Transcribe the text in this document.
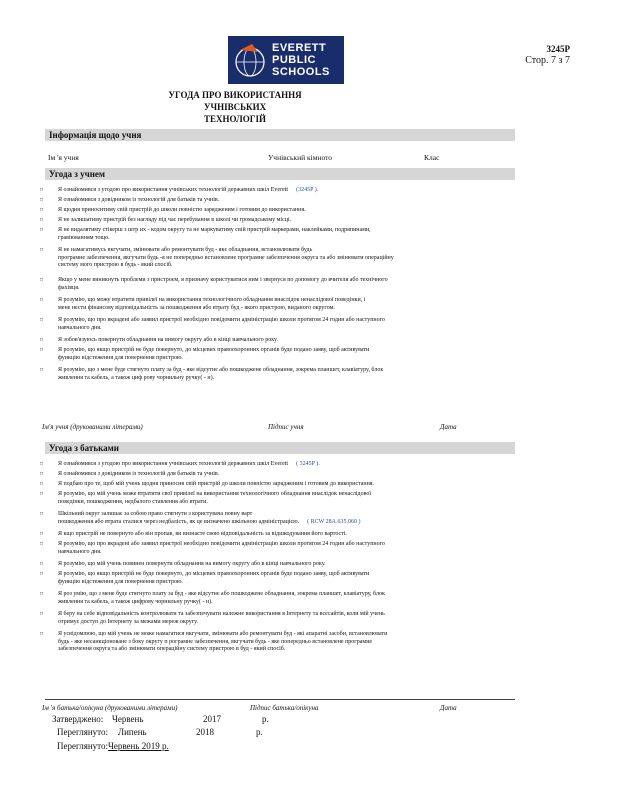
EVERETT
PUBLIC
SCHOOLS
3245P
Стор. 7 з 7
УГОДА ПРО ВИКОРИСТАННЯ УЧНІВСЬКИХ
ТЕХНОЛОГІЙ
Інформація щодо учня
Ім 'я учня	Учнівський кімното	Клас
Угода з учнем
□ Я ознайомився з угодою про використання учнівських технологій державних шкіл Everett (3245P ).
□ Я ознайомився з довідником із технологій для батьків та учнів.
□ Я щодня приноситиму свій пристрій до школи повністю зарядженим і готовим до використання.
□ Я не залишатиму пристрій без нагляду під час перебування в школі чи громадському місці.
□ Я не видалятиму стікерш з штр их - кодом округу та не маркуватиму свій пристрій маркерами, наклейками, подряпинами,
гравіюванням тощо.
□ Я не намагатимусь вкгучати, змінювати або ремонтувати буд - якє обладнання, встановлювати будь
програмне забезпечення, вкгучати будь -я не попередньо встановлене програмне забезпечення округа та або змінювати операційну
систему мого пристрою в будь - який спосіб.
□ Якщо у мене виникнуть проблеми з пристроєм, я призначу користуватися ним і звернуся по допомогу до вчителя або технічного
фахівця.
□ Я розумію, що можу втратити привілеї на використання технологічного обладнання внаслідок ненаслідової поведінки, і
мене нести фінансову відповідальність за пошкодження або втрату буд - якого пристрою, виданого округом.
□ Я розумію, що про вкрадені або заявил пристрої необхідно повідомити адміністрацію школи протягом 24 годин або наступного
навчального дня.
□ Я зобов'язуюсь повернути обладнання на вимогу округу або в кінці навчального року.
□ Я розумію, що якщо пристрій не буде повернуто, до місцевих правоохоронних органів буде подано заяву, щоб активувати
функцію відстеження для повернення пристрою.
□ Я розумію, що з мене буде стягнуто плату за буд - яке відсутнє або пошкоджене обладнання, зокрема планшет, клавіатуру, блок
живлення та кабель, а також циф рову чорнильну ручку( - н).
Ім'я учня (друкованими літерами)	Підпис учня	Дата
Угода з батьками
□ Я ознайомився з угодою про використання учнівських технологій державних шкіл Everett ( 3245P ).
□ Я ознайомився з довідником із технологій для батьків та учнів.
□ Я подбаю про те, щоб мій учень щодня приносив свій пристрій до школи повністю зарядженим і готовим до використання.
□ Я розумію, що мій учень може втратити свої привілеї на використання технологічного обладнання внаслідок ненаслідової
поведінки, пошкодження, недбалого ставлення або втрати.
□ Шкільний округ залишає за собою право стягнути з користувача повну варт
пошкодження або втрата сталися через недбалість, як це визначено шкільною адміністрацією. ( RCW 28A.635.060 )
□ Я кщо пристрій не повернуто або він пропав, ви визнаєте свою відповідальність за відшкодування його вартості.
□ Я розумію, що про вкрадені або заявил пристрої необхідно повідомити адміністрацію школи протягом 24 годин або наступного
навчального дня.
□ Я розумію, що мій учень повинен повернути обладнання на вимогу округу або в кінці навчального року.
□ Я розумію, що якщо пристрій не буде повернуто, до місцевих правоохоронних органів буде подано заяву, щоб активувати
функцію відстеження для повернення пристрою.
□ Я роз умію, що з мене буде стягнуто плату за буд - яке відсутнє або пошкоджене обладнання, зокрема планшет, клавіатуру, блок
живлення та кабель, а також цифрову чорнильну ручку( - н).
□ Я беру на себе відповідальність контролювати та забезпечувати належне використання я Інтернету та всесайтів, коли мій учень
отримує доступ до Інтернету за межами мереж округу.
□ Я усвідомлюю, що мій учень не може намагатися вкгучати, змінювати або ремонтувати буд - які апаратні засоби, встановлювати
будь - яке несанкціоноване з боку округу п рограмне забезпечення, вкгучати будь - яке попередньо встановлене програмне
забезпечення округа та або змінювати операційну систему пристрою в буд - який спосіб.
Ім 'я батька/опікуна (друкованими літерами)	Підпис батька/опікуна	Дата
Затверджено: Червень	2017	р.
Переглянуто: Липень	2018	р.
Переглянуто: Червень 2019 р.
